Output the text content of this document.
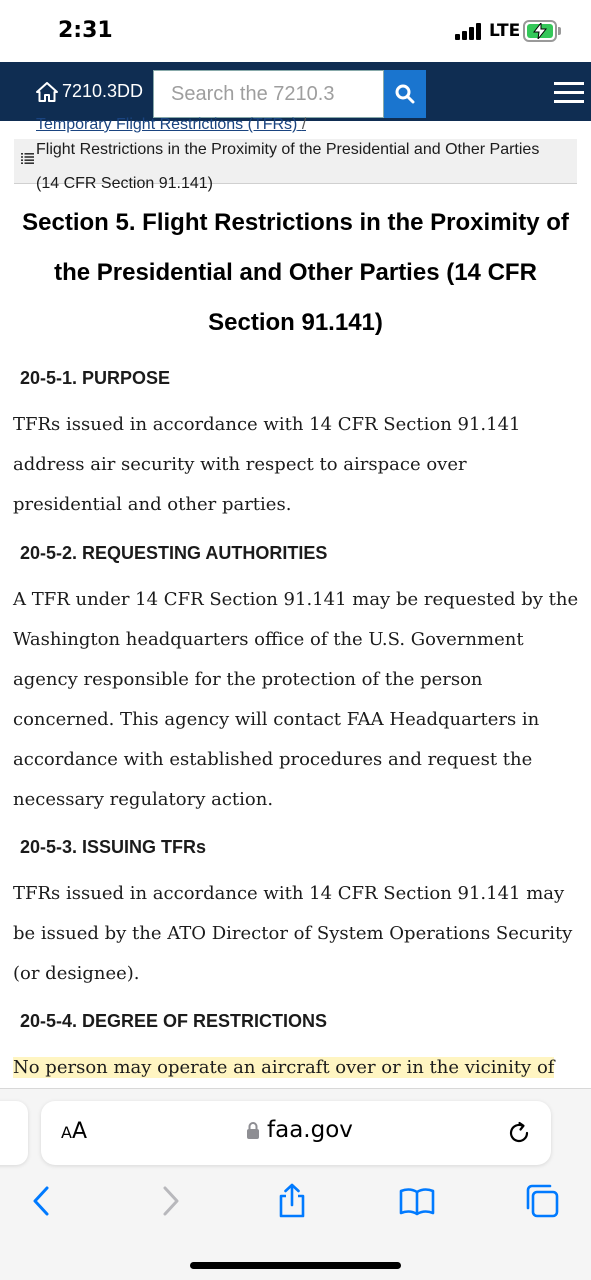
2:31	LTE
7210.3DD	Search the 7210.3
Temporary Flight Restrictions (TFRs) /
Flight Restrictions in the Proximity of the Presidential and Other Parties (14 CFR Section 91.141)
Section 5. Flight Restrictions in the Proximity of the Presidential and Other Parties (14 CFR Section 91.141)
20-5-1. PURPOSE

TFRs issued in accordance with 14 CFR Section 91.141 address air security with respect to airspace over presidential and other parties.

20-5-2. REQUESTING AUTHORITIES

A TFR under 14 CFR Section 91.141 may be requested by the Washington headquarters office of the U.S. Government agency responsible for the protection of the person concerned. This agency will contact FAA Headquarters in accordance with established procedures and request the necessary regulatory action.

20-5-3. ISSUING TFRs

TFRs issued in accordance with 14 CFR Section 91.141 may be issued by the ATO Director of System Operations Security (or designee).

20-5-4. DEGREE OF RESTRICTIONS

No person may operate an aircraft over or in the vicinity of

AA	faa.gov
